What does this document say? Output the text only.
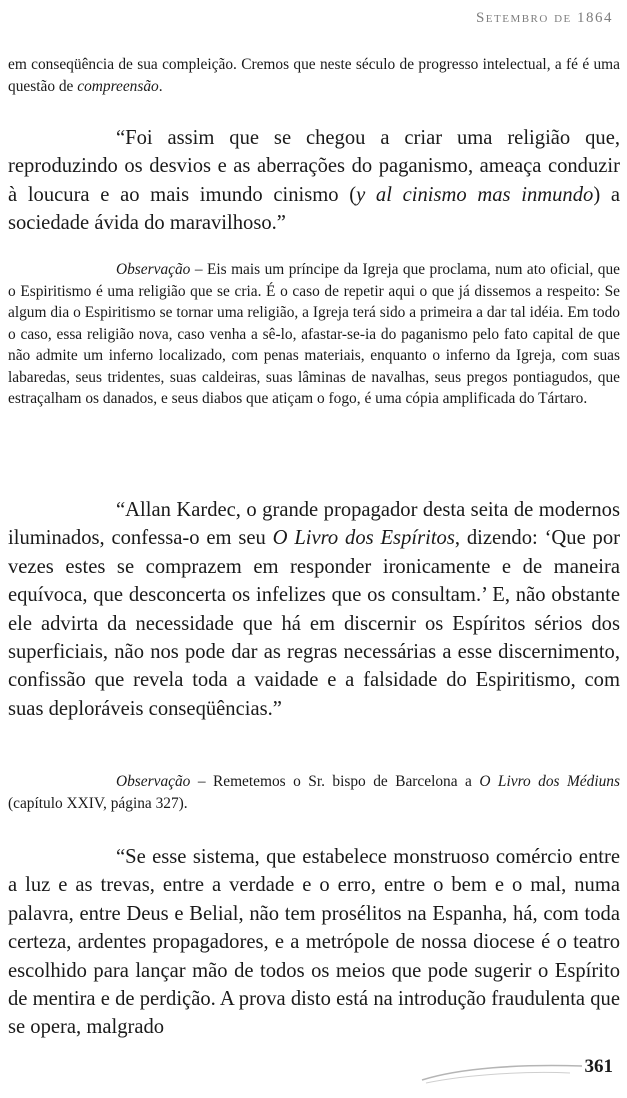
Setembro de 1864

em conseqüência de sua compleição. Cremos que neste século de progresso intelectual, a fé é uma questão de compreensão.

“Foi assim que se chegou a criar uma religião que, reproduzindo os desvios e as aberrações do paganismo, ameaça conduzir à loucura e ao mais imundo cinismo (y al cinismo mas inmundo) a sociedade ávida do maravilhoso.”

Observação – Eis mais um príncipe da Igreja que proclama, num ato oficial, que o Espiritismo é uma religião que se cria. É o caso de repetir aqui o que já dissemos a respeito: Se algum dia o Espiritismo se tornar uma religião, a Igreja terá sido a primeira a dar tal idéia. Em todo o caso, essa religião nova, caso venha a sê-lo, afastar-se-ia do paganismo pelo fato capital de que não admite um inferno localizado, com penas materiais, enquanto o inferno da Igreja, com suas labaredas, seus tridentes, suas caldeiras, suas lâminas de navalhas, seus pregos pontiagudos, que estraçalham os danados, e seus diabos que atiçam o fogo, é uma cópia amplificada do Tártaro.

“Allan Kardec, o grande propagador desta seita de modernos iluminados, confessa-o em seu O Livro dos Espíritos, dizendo: ‘Que por vezes estes se comprazem em responder ironicamente e de maneira equívoca, que desconcerta os infelizes que os consultam.’ E, não obstante ele advirta da necessidade que há em discernir os Espíritos sérios dos superficiais, não nos pode dar as regras necessárias a esse discernimento, confissão que revela toda a vaidade e a falsidade do Espiritismo, com suas deploráveis conseqüências.”

Observação – Remetemos o Sr. bispo de Barcelona a O Livro dos Médiuns (capítulo XXIV, página 327).

“Se esse sistema, que estabelece monstruoso comércio entre a luz e as trevas, entre a verdade e o erro, entre o bem e o mal, numa palavra, entre Deus e Belial, não tem prosélitos na Espanha, há, com toda certeza, ardentes propagadores, e a metrópole de nossa diocese é o teatro escolhido para lançar mão de todos os meios que pode sugerir o Espírito de mentira e de perdição. A prova disto está na introdução fraudulenta que se opera, malgrado

361
